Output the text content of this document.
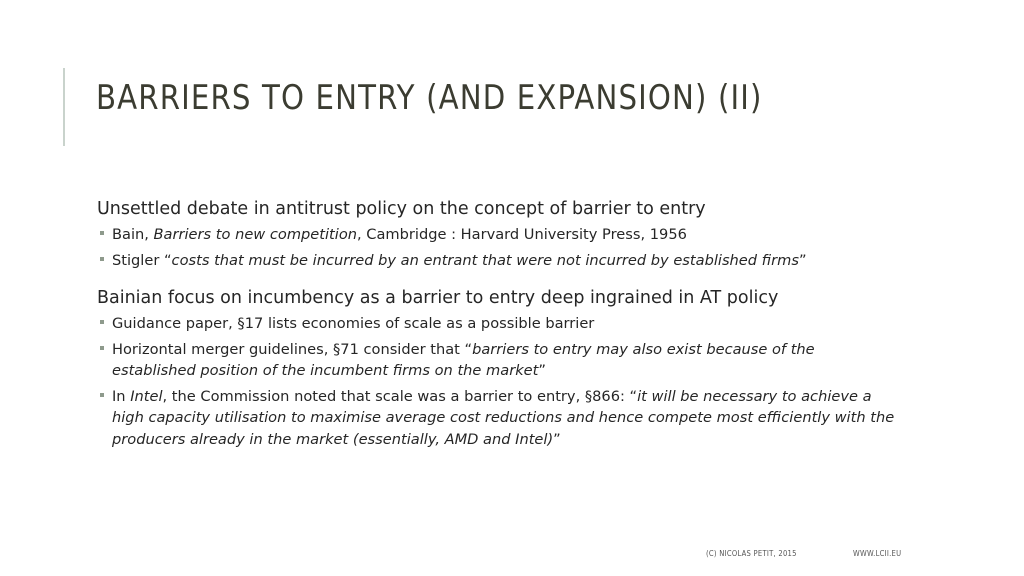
BARRIERS TO ENTRY (AND EXPANSION) (II)

Unsettled debate in antitrust policy on the concept of barrier to entry

Bain, Barriers to new competition, Cambridge : Harvard University Press, 1956
Stigler “costs that must be incurred by an entrant that were not incurred by established firms”

Bainian focus on incumbency as a barrier to entry deep ingrained in AT policy

Guidance paper, §17 lists economies of scale as a possible barrier
Horizontal merger guidelines, §71 consider that “barriers to entry may also exist because of the established position of the incumbent firms on the market”
In Intel, the Commission noted that scale was a barrier to entry, §866: “it will be necessary to achieve a high capacity utilisation to maximise average cost reductions and hence compete most efficiently with the producers already in the market (essentially, AMD and Intel)”
(C) NICOLAS PETIT, 2015	WWW.LCII.EU
